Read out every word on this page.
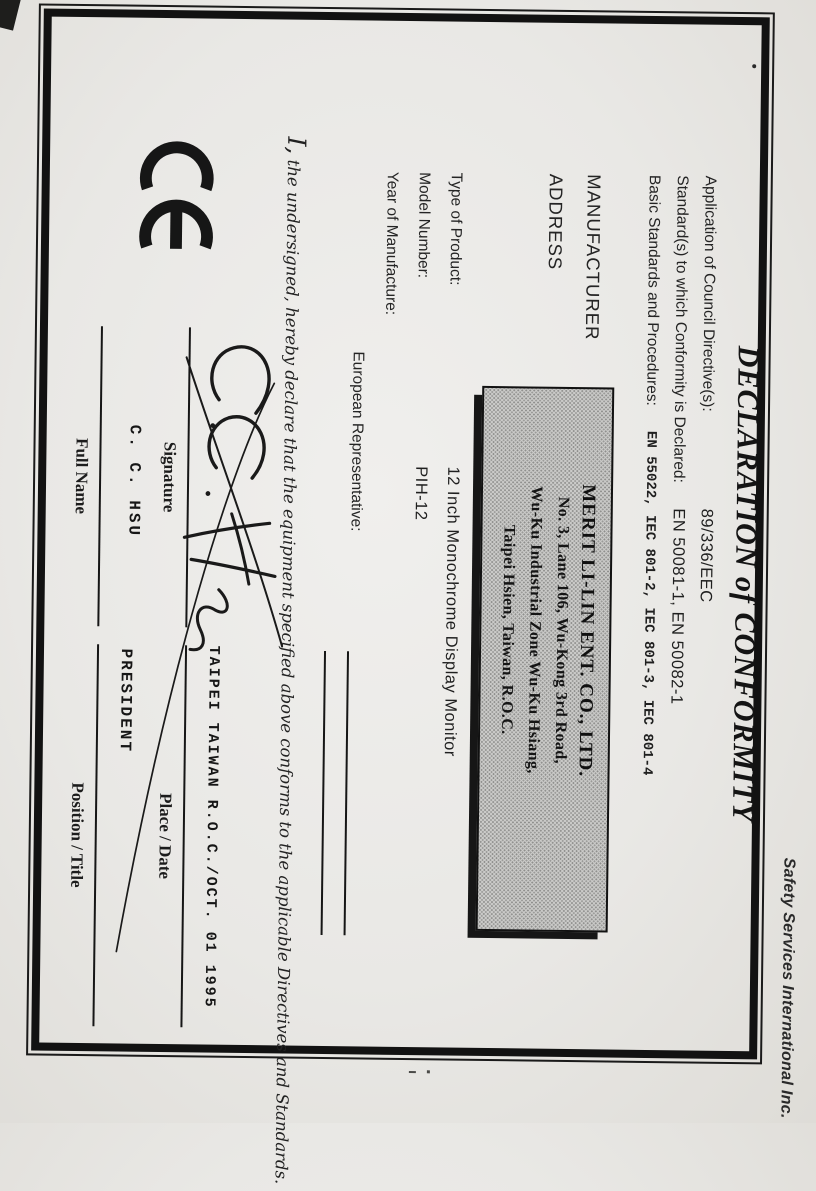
Safety Services International Inc.
DECLARATION of CONFORMITY
Application of Council Directive(s):
89/336/EEC
Standard(s) to which Conformity is Declared:
EN 50081-1, EN 50082-1
Basic Standards and Procedures:
EN 55022, IEC 801-2, IEC 801-3, IEC 801-4
MANUFACTURER
ADDRESS
MERIT LI-LIN ENT. CO., LTD.
No. 3, Lane 106, Wu-Kong 3rd Road,
Wu-Ku Industrial Zone Wu-Ku Hsiang,
Taipei Hsien, Taiwan, R.O.C.
Type of Product:
12 Inch Monochrome Display Monitor
Model Number:
PIH-12
Year of Manufacture:
European Representative:
I, the undersigned, hereby declare that the equipment specified above conforms to the applicable Directives and Standards.
Signature
C. C. HSU
Full Name
TAIPEI TAIWAN R.O.C./OCT. 01 1995
Place / Date
PRESIDENT
Position / Title
